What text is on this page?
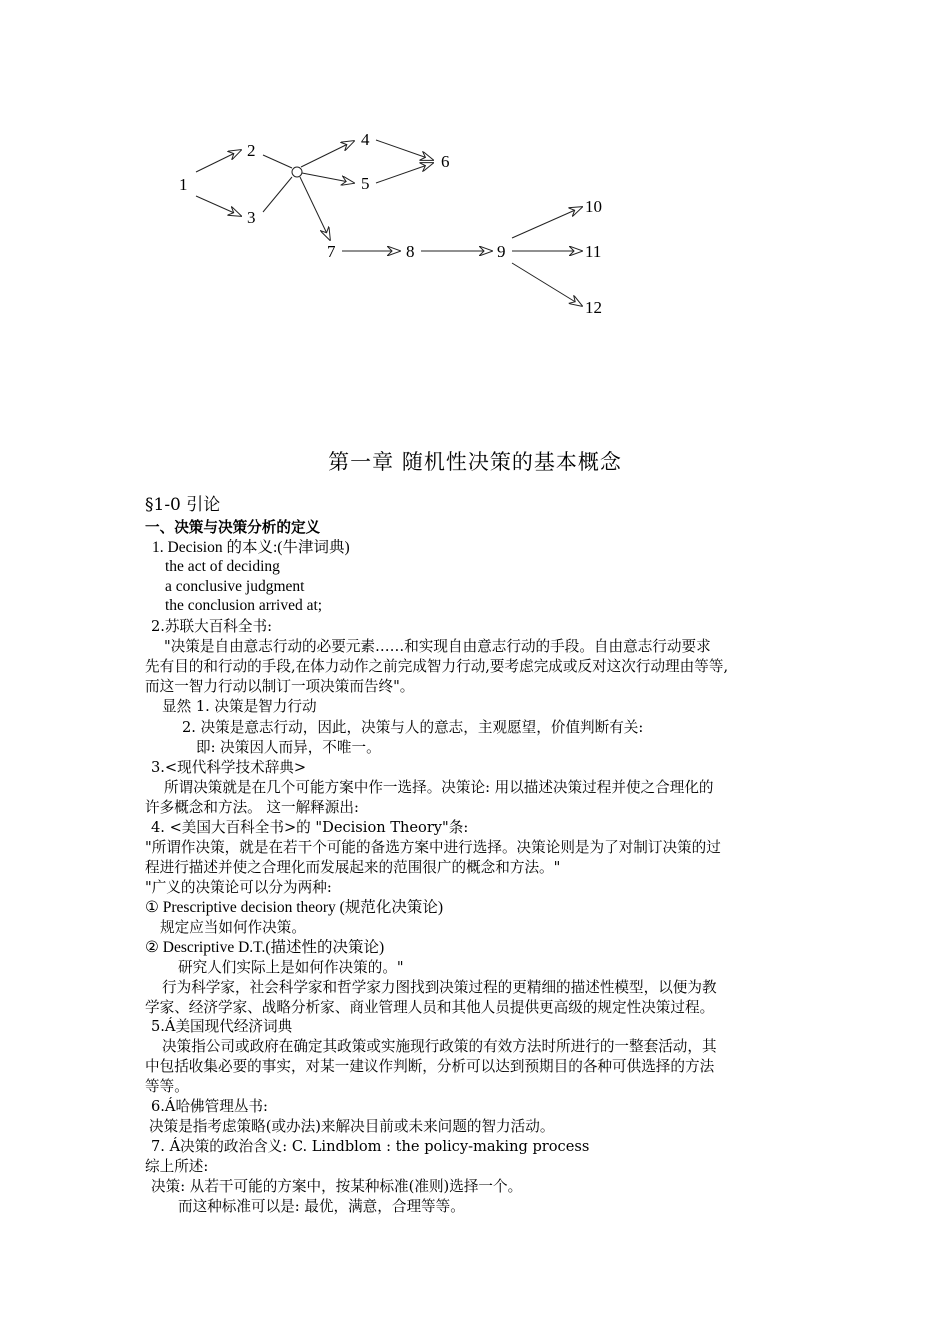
1
2
3
4
5
6
7	8	9
10
11
12
第一章 随机性决策的基本概念
§1-0 引论
一、决策与决策分析的定义
1. Decision 的本义:(牛津词典)
the act of deciding
a conclusive judgment
the conclusion arrived at;
2.苏联大百科全书:
"决策是自由意志行动的必要元素……和实现自由意志行动的手段。自由意志行动要求
先有目的和行动的手段,在体力动作之前完成智力行动,要考虑完成或反对这次行动理由等等,
而这一智力行动以制订一项决策而告终"。
显然 1. 决策是智力行动
2. 决策是意志行动，因此，决策与人的意志，主观愿望，价值判断有关:
即: 决策因人而异，不唯一。
3.<现代科学技术辞典>
所谓决策就是在几个可能方案中作一选择。决策论: 用以描述决策过程并使之合理化的
许多概念和方法。 这一解释源出:
4. <美国大百科全书>的 "Decision Theory"条:
"所谓作决策，就是在若干个可能的备选方案中进行选择。决策论则是为了对制订决策的过
程进行描述并使之合理化而发展起来的范围很广的概念和方法。"
"广义的决策论可以分为两种:
① Prescriptive decision theory (规范化决策论)
规定应当如何作决策。
② Descriptive D.T.(描述性的决策论)
研究人们实际上是如何作决策的。"
行为科学家，社会科学家和哲学家力图找到决策过程的更精细的描述性模型，以便为教
学家、经济学家、战略分析家、商业管理人员和其他人员提供更高级的规定性决策过程。
5.Á美国现代经济词典
决策指公司或政府在确定其政策或实施现行政策的有效方法时所进行的一整套活动，其
中包括收集必要的事实，对某一建议作判断，分析可以达到预期目的各种可供选择的方法
等等。
6.Á哈佛管理丛书:
决策是指考虑策略(或办法)来解决目前或未来问题的智力活动。
7. Á决策的政治含义: C. Lindblom : the policy-making process
综上所述:
决策: 从若干可能的方案中，按某种标准(准则)选择一个。
而这种标准可以是: 最优，满意，合理等等。
